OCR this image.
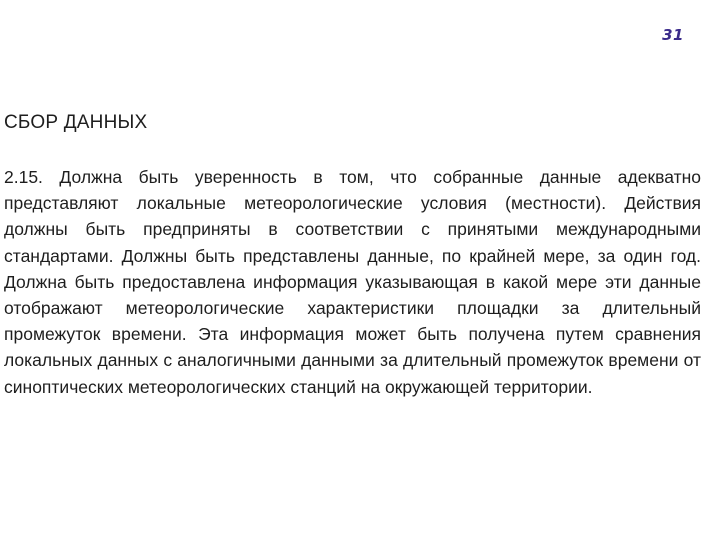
31
СБОР ДАННЫХ

2.15. Должна быть уверенность в том, что собранные данные адекватно представляют локальные метеорологические условия (местности). Действия должны быть предприняты в соответствии с принятыми международными стандартами. Должны быть представлены данные, по крайней мере, за один год. Должна быть предоставлена информация указывающая в какой мере эти данные отображают метеорологические характеристики площадки за длительный промежуток времени. Эта информация может быть получена путем сравнения локальных данных с аналогичными данными за длительный промежуток времени от синоптических метеорологических станций на окружающей территории.
